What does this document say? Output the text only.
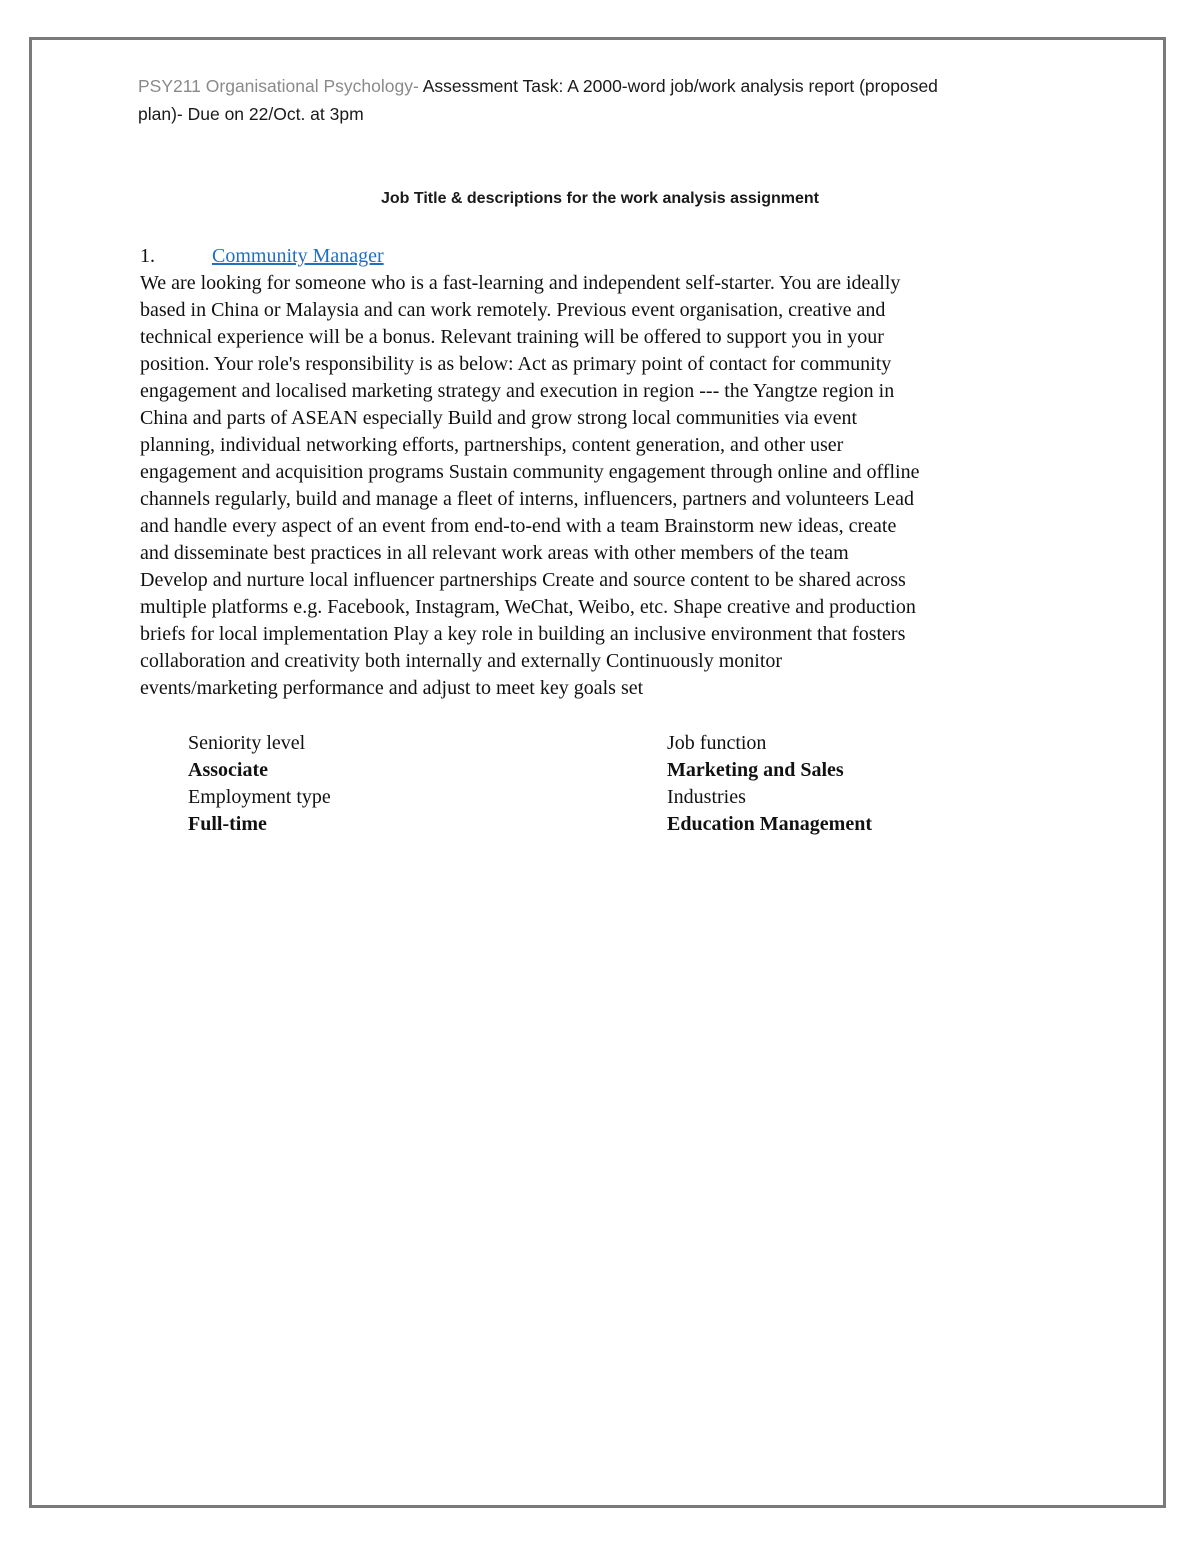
PSY211 Organisational Psychology- Assessment Task: A 2000-word job/work analysis report (proposed
plan)- Due on 22/Oct. at 3pm
Job Title & descriptions for the work analysis assignment
1.	Community Manager
We are looking for someone who is a fast-learning and independent self-starter. You are ideally
based in China or Malaysia and can work remotely. Previous event organisation, creative and
technical experience will be a bonus. Relevant training will be offered to support you in your
position. Your role's responsibility is as below: Act as primary point of contact for community
engagement and localised marketing strategy and execution in region --- the Yangtze region in
China and parts of ASEAN especially Build and grow strong local communities via event
planning, individual networking efforts, partnerships, content generation, and other user
engagement and acquisition programs Sustain community engagement through online and offline
channels regularly, build and manage a fleet of interns, influencers, partners and volunteers Lead
and handle every aspect of an event from end-to-end with a team Brainstorm new ideas, create
and disseminate best practices in all relevant work areas with other members of the team
Develop and nurture local influencer partnerships Create and source content to be shared across
multiple platforms e.g. Facebook, Instagram, WeChat, Weibo, etc. Shape creative and production
briefs for local implementation Play a key role in building an inclusive environment that fosters
collaboration and creativity both internally and externally Continuously monitor
events/marketing performance and adjust to meet key goals set
Seniority level
Associate
Employment type
Full-time
Job function
Marketing and Sales
Industries
Education Management
